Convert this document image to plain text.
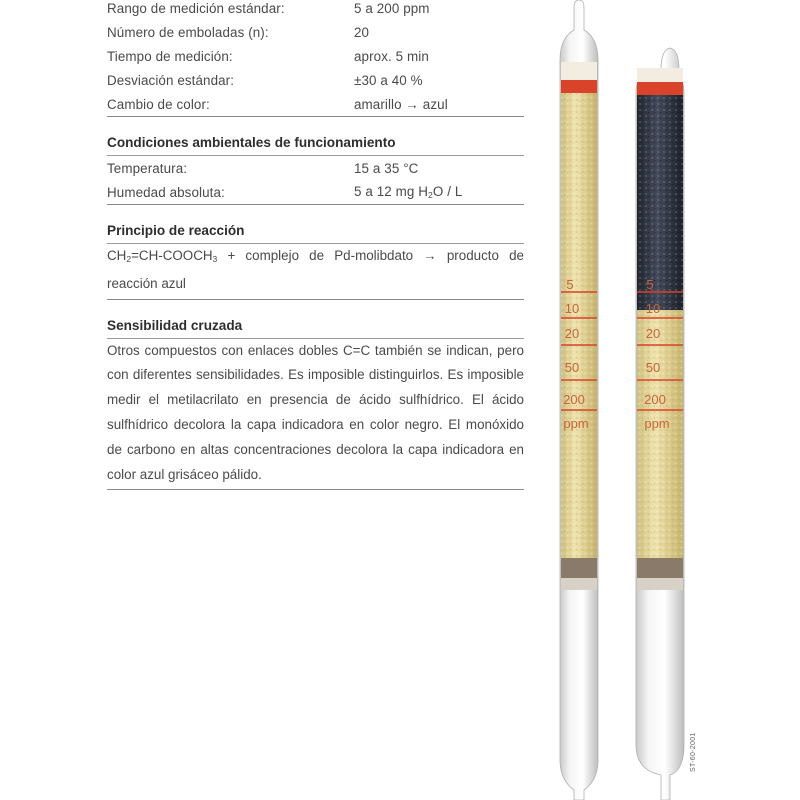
Rango de medición estándar:	5 a 200 ppm
Número de emboladas (n):	20
Tiempo de medición:	aprox. 5 min
Desviación estándar:	±30 a 40 %
Cambio de color:	amarillo → azul
Condiciones ambientales de funcionamiento
Temperatura:	15 a 35 °C
Humedad absoluta:	5 a 12 mg $H_2O$ / L
Principio de reacción
$CH_2=CH-COOCH_3$ + complejo de Pd-molibdato → producto de reacción azul
Sensibilidad cruzada
Otros compuestos con enlaces dobles C=C también se indican, pero con diferentes sensibilidades. Es imposible distinguirlos. Es imposible medir el metilacrilato en presencia de ácido sulfhídrico. El ácido sulfhídrico decolora la capa indicadora en color negro. El monóxido de carbono en altas concentraciones decolora la capa indicadora en color azul grisáceo pálido.
5
10
20
50
200
ppm
5
10
20
50
200
ppm
ST-60-2001
